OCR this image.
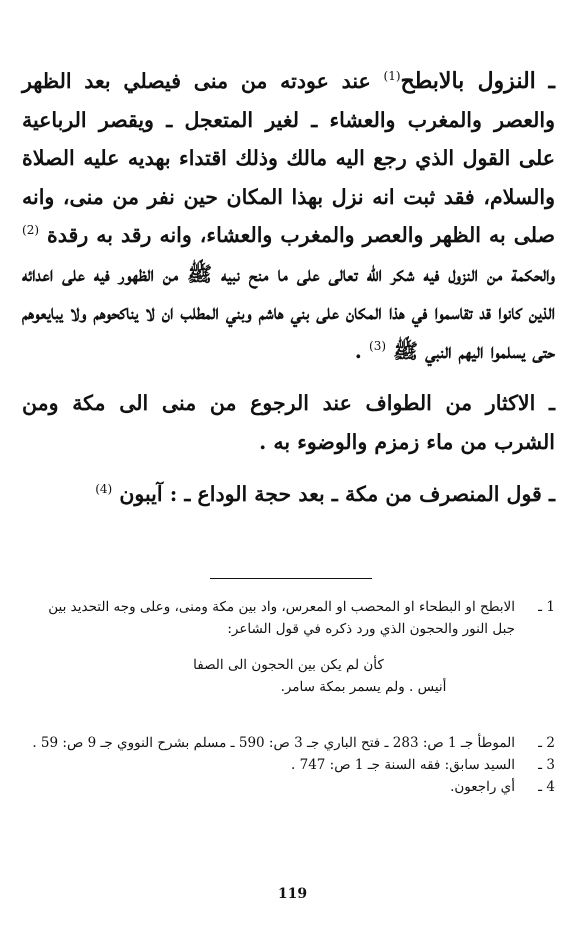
ـ النزول بالابطح$^{(1)}$ عند عودته من منى فيصلي بعد الظهر والعصر والمغرب والعشاء ـ لغير المتعجل ـ ويقصر الرباعية على القول الذي رجع اليه مالك وذلك اقتداء بهديه عليه الصلاة والسلام، فقد ثبت انه نزل بهذا المكان حين نفر من منى، وانه صلى به الظهر والعصر والمغرب والعشاء، وانه رقد به رقدة $^{(2)}$ والحكمة من النزول فيه شكر الله تعالى على ما منح نبيه ﷺ من الظهور فيه على اعدائه الذين كانوا قد تقاسموا في هذا المكان على بني هاشم وبني المطلب ان لا يناكحوهم ولا يبايعوهم حتى يسلموا اليهم النبي ﷺ $^{(3)}$ .

ـ الاكثار من الطواف عند الرجوع من منى الى مكة ومن الشرب من ماء زمزم والوضوء به .

ـ قول المنصرف من مكة ـ بعد حجة الوداع ـ : آيبون $^{(4)}$

1 ـ
الابطح او البطحاء او المحصب او المعرس، واد بين مكة ومنى، وعلى وجه التحديد بين جبل النور والحجون الذي ورد ذكره في قول الشاعر:
كأن لم يكن بين الحجون الى الصفا
أنيس . ولم يسمر بمكة سامر.
2 ـ
الموطأ جـ 1 ص: 283 ـ فتح الباري جـ 3 ص: 590 ـ مسلم بشرح النووي جـ 9 ص: 59 .
3 ـ
السيد سابق: فقه السنة جـ 1 ص: 747 .
4 ـ
أي راجعون.
119
